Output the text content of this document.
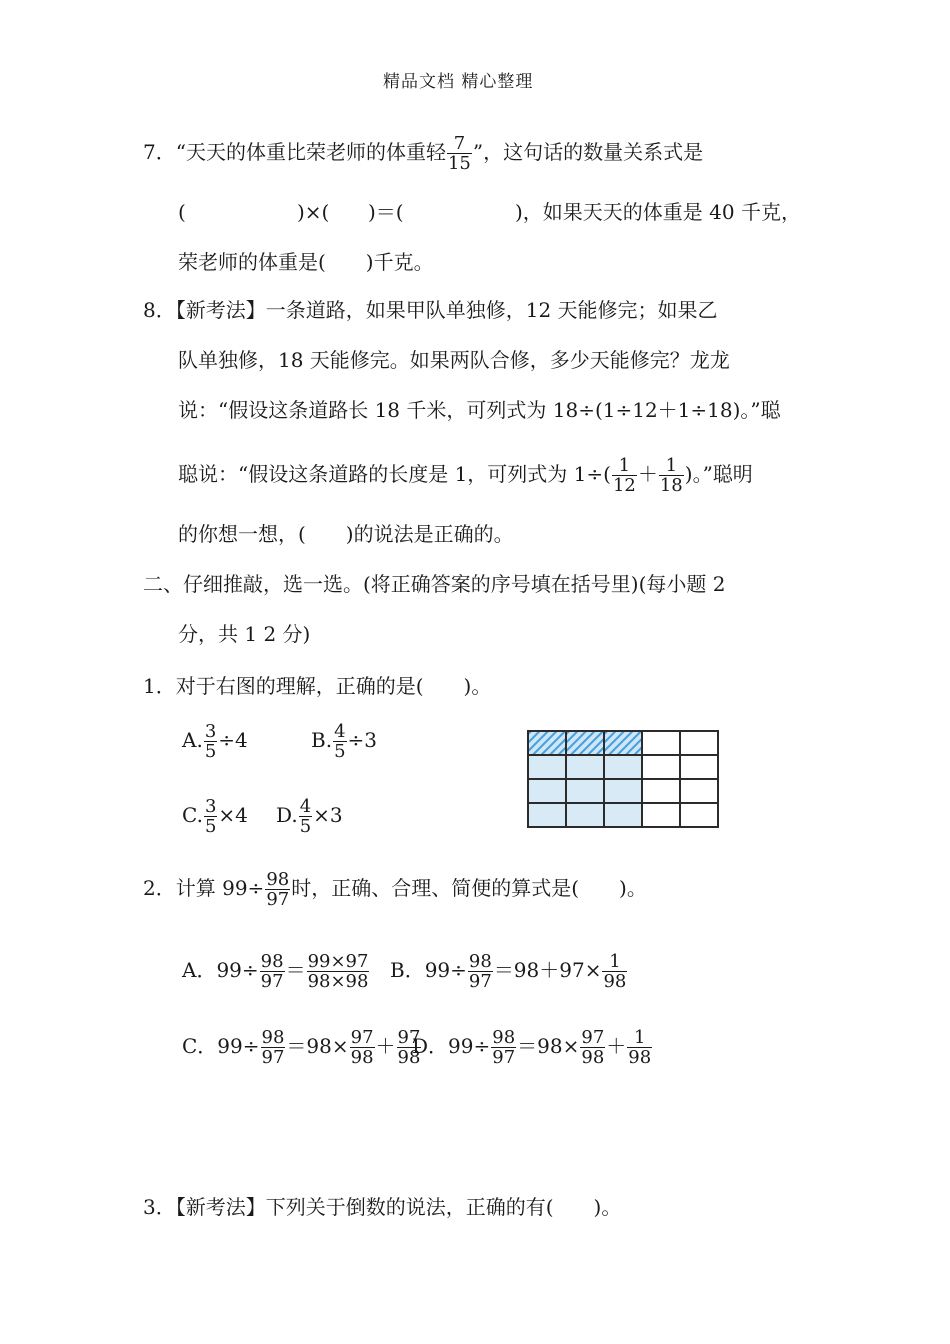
精品文档 精心整理
7．“天天的体重比荣老师的体重轻 $\frac{7}{15}$ ”，这句话的数量关系式是
(	)×( )＝(	)，如果天天的体重是 40 千克，
荣老师的体重是(　　)千克。
8．【新考法】一条道路，如果甲队单独修，12 天能修完；如果乙
队单独修，18 天能修完。如果两队合修，多少天能修完？龙龙
说：“假设这条道路长 18 千米，可列式为 18÷(1÷12＋1÷18)。”聪
聪说：“假设这条道路的长度是 1，可列式为 $1\div( \frac{1}{12} + \frac{1}{18}$ )。”聪明
的你想一想，(　　)的说法是正确的。
二、仔细推敲，选一选。(将正确答案的序号填在括号里)(每小题 2
分，共 1 2 分)
1．对于右图的理解，正确的是(　　)。
A. $\frac{3}{5} \div 4$	B. $\frac{4}{5} \div 3$
C. $\frac{3}{5} \times 4$ D. $\frac{4}{5} \times 3$

2．计算 $99\div \frac{98}{97}$ 时，正确、合理、简便的算式是(　　)。
A．$99\div \frac{98}{97} = \frac{99\times 97}{98\times 98}$ B．$99\div \frac{98}{97} =98+97\times \frac{1}{98}$
C．$99\div \frac{98}{97} =98\times \frac{97}{98} + \frac{97}{98}$
D．$99\div \frac{98}{97} =98\times \frac{97}{98} + \frac{1}{98}$
3．【新考法】下列关于倒数的说法，正确的有(　　)。
